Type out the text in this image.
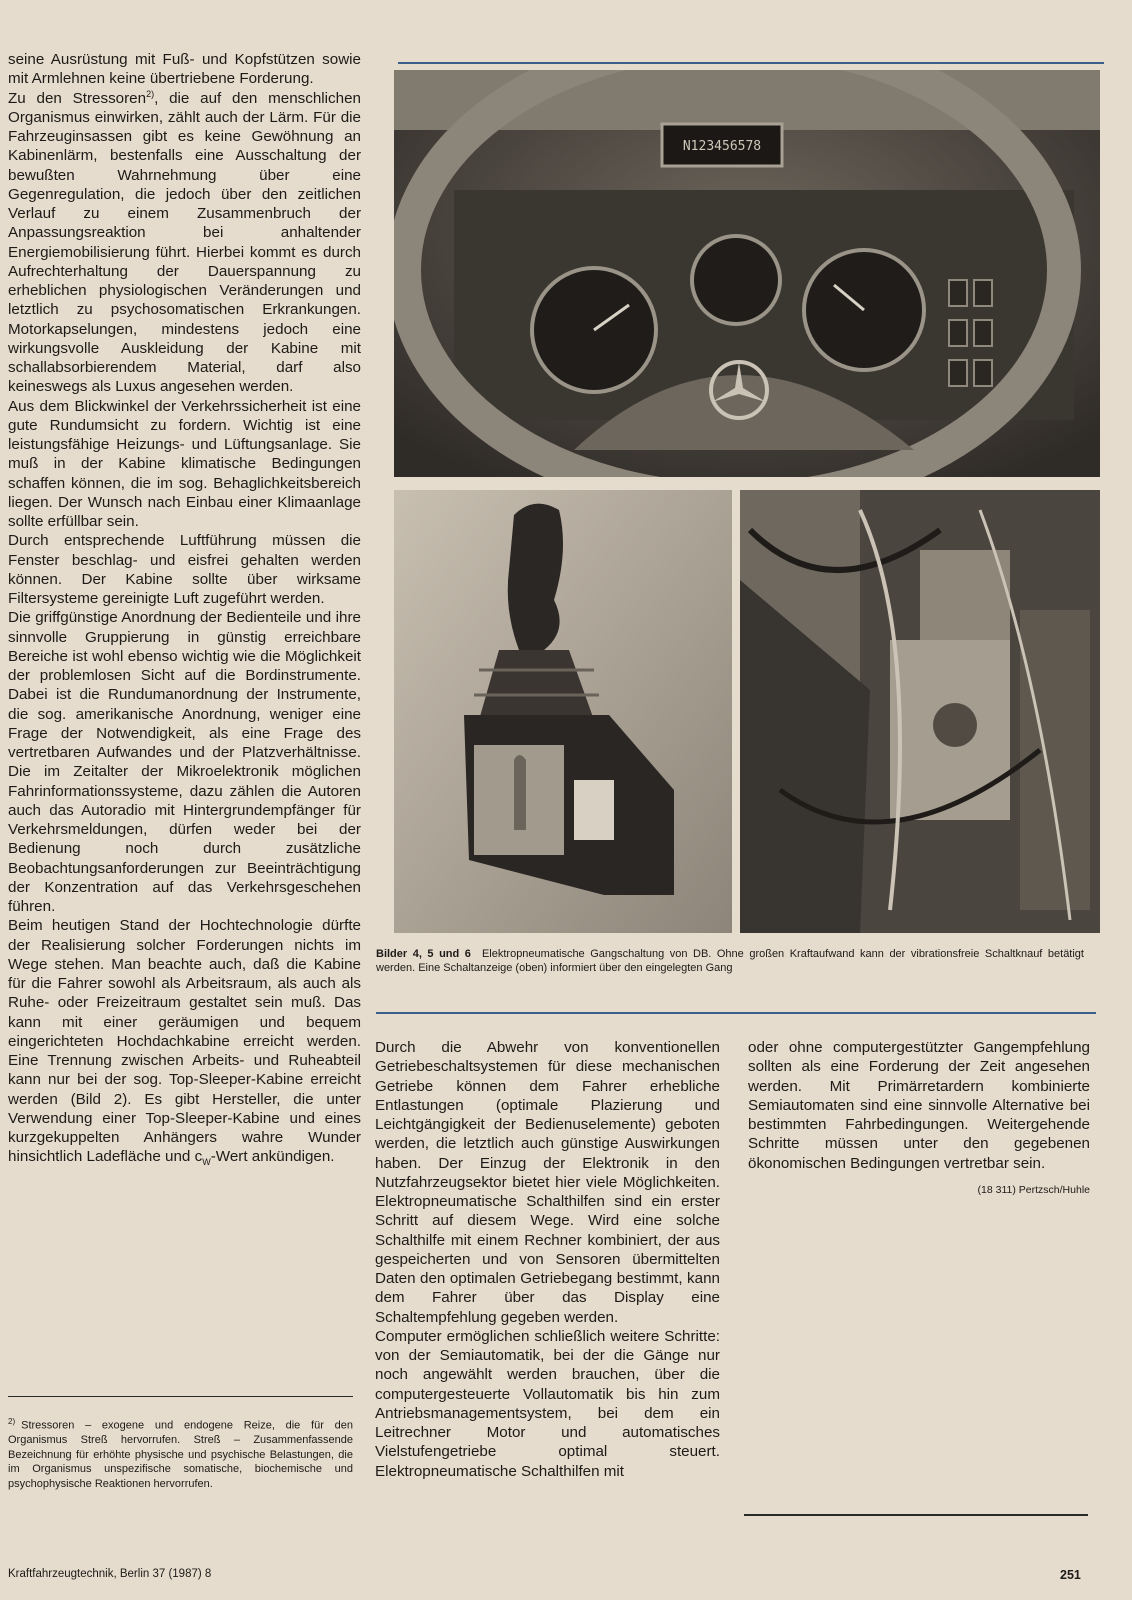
seine Ausrüstung mit Fuß- und Kopfstützen sowie mit Armlehnen keine übertriebene Forderung.

Zu den Stressoren$^{2)}$, die auf den menschlichen Organismus einwirken, zählt auch der Lärm. Für die Fahrzeuginsassen gibt es keine Gewöhnung an Kabinenlärm, bestenfalls eine Ausschaltung der bewußten Wahrnehmung über eine Gegenregulation, die jedoch über den zeitlichen Verlauf zu einem Zusammenbruch der Anpassungsreaktion bei anhaltender Energiemobilisierung führt. Hierbei kommt es durch Aufrechterhaltung der Dauerspannung zu erheblichen physiologischen Veränderungen und letztlich zu psychosomatischen Erkrankungen. Motorkapselungen, mindestens jedoch eine wirkungsvolle Auskleidung der Kabine mit schallabsorbierendem Material, darf also keineswegs als Luxus angesehen werden.

Aus dem Blickwinkel der Verkehrssicherheit ist eine gute Rundumsicht zu fordern. Wichtig ist eine leistungsfähige Heizungs- und Lüftungsanlage. Sie muß in der Kabine klimatische Bedingungen schaffen können, die im sog. Behaglichkeitsbereich liegen. Der Wunsch nach Einbau einer Klimaanlage sollte erfüllbar sein.

Durch entsprechende Luftführung müssen die Fenster beschlag- und eisfrei gehalten werden können. Der Kabine sollte über wirksame Filtersysteme gereinigte Luft zugeführt werden.

Die griffgünstige Anordnung der Bedienteile und ihre sinnvolle Gruppierung in günstig erreichbare Bereiche ist wohl ebenso wichtig wie die Möglichkeit der problemlosen Sicht auf die Bordinstrumente. Dabei ist die Rundumanordnung der Instrumente, die sog. amerikanische Anordnung, weniger eine Frage der Notwendigkeit, als eine Frage des vertretbaren Aufwandes und der Platzverhältnisse. Die im Zeitalter der Mikroelektronik möglichen Fahrinformationssysteme, dazu zählen die Autoren auch das Autoradio mit Hintergrundempfänger für Verkehrsmeldungen, dürfen weder bei der Bedienung noch durch zusätzliche Beobachtungsanforderungen zur Beeinträchtigung der Konzentration auf das Verkehrsgeschehen führen.

Beim heutigen Stand der Hochtechnologie dürfte der Realisierung solcher Forderungen nichts im Wege stehen. Man beachte auch, daß die Kabine für die Fahrer sowohl als Arbeitsraum, als auch als Ruhe- oder Freizeitraum gestaltet sein muß. Das kann mit einer geräumigen und bequem eingerichteten Hochdachkabine erreicht werden. Eine Trennung zwischen Arbeits- und Ruheabteil kann nur bei der sog. Top-Sleeper-Kabine erreicht werden (Bild 2). Es gibt Hersteller, die unter Verwendung einer Top-Sleeper-Kabine und eines kurzgekuppelten Anhängers wahre Wunder hinsichtlich Ladefläche und $c_W$-Wert ankündigen.

N123456578
Bilder 4, 5 und 6 Elektropneumatische Gangschaltung von DB. Ohne großen Kraftaufwand kann der vibrationsfreie Schaltknauf betätigt werden. Eine Schaltanzeige (oben) informiert über den eingelegten Gang

Durch die Abwehr von konventionellen Getriebeschaltsystemen für diese mechanischen Getriebe können dem Fahrer erhebliche Entlastungen (optimale Plazierung und Leichtgängigkeit der Bedienuselemente) geboten werden, die letztlich auch günstige Auswirkungen haben. Der Einzug der Elektronik in den Nutzfahrzeugsektor bietet hier viele Möglichkeiten. Elektropneumatische Schalthilfen sind ein erster Schritt auf diesem Wege. Wird eine solche Schalthilfe mit einem Rechner kombiniert, der aus gespeicherten und von Sensoren übermittelten Daten den optimalen Getriebegang bestimmt, kann dem Fahrer über das Display eine Schaltempfehlung gegeben werden.

Computer ermöglichen schließlich weitere Schritte: von der Semiautomatik, bei der die Gänge nur noch angewählt werden brauchen, über die computergesteuerte Vollautomatik bis hin zum Antriebsmanagementsystem, bei dem ein Leitrechner Motor und automatisches Vielstufengetriebe optimal steuert. Elektropneumatische Schalthilfen mit

oder ohne computergestützter Gangempfehlung sollten als eine Forderung der Zeit angesehen werden. Mit Primärretardern kombinierte Semiautomaten sind eine sinnvolle Alternative bei bestimmten Fahrbedingungen. Weitergehende Schritte müssen unter den gegebenen ökonomischen Bedingungen vertretbar sein.

(18 311) Pertzsch/Huhle

$^{2)}$ Stressoren – exogene und endogene Reize, die für den Organismus Streß hervorrufen. Streß – Zusammenfassende Bezeichnung für erhöhte physische und psychische Belastungen, die im Organismus unspezifische somatische, biochemische und psychophysische Reaktionen hervorrufen.
Kraftfahrzeugtechnik, Berlin 37 (1987) 8	251
